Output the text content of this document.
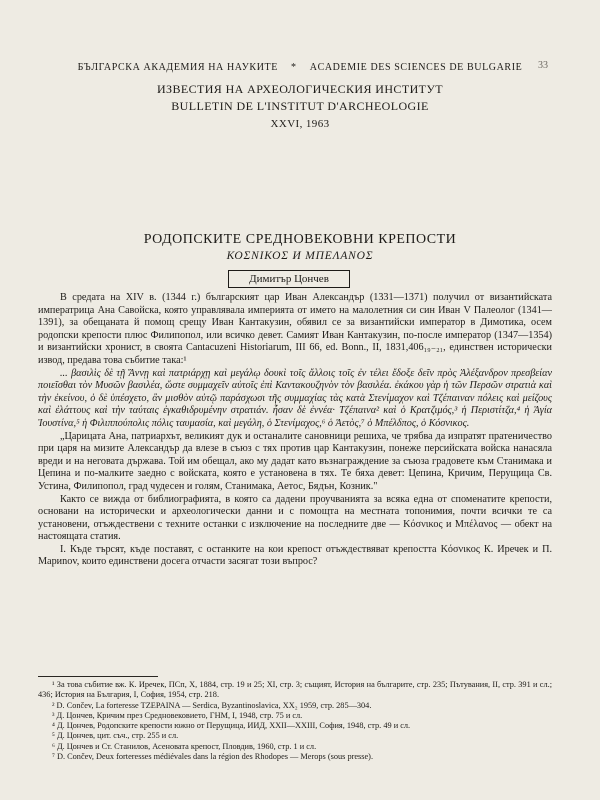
БЪЛГАРСКА АКАДЕМИЯ НА НАУКИТЕ * ACADEMIE DES SCIENCES DE BULGARIE	33
ИЗВЕСТИЯ НА АРХЕОЛОГИЧЕСКИЯ ИНСТИТУТ
BULLETIN DE L'INSTITUT D'ARCHEOLOGIE
XXVI, 1963
РОДОПСКИТЕ СРЕДНОВЕКОВНИ КРЕПОСТИ
ΚΟΣΝΙΚΟΣ И ΜΠΕΛΑΝΟΣ
Димитър Цончев

В средата на XIV в. (1344 г.) българският цар Иван Александър (1331—1371) получил от византийската императрица Ана Савойска, която управлявала империята от името на малолетния си син Иван V Палеолог (1341—1391), за обещаната й помощ срещу Иван Кантакузин, обявил се за византийски император в Димотика, осем родопски крепости плюс Филипопол, или всичко девет. Самият Иван Кантакузин, по-после император (1347—1354) и византийски хронист, в своята Cantacuzeni Historiarum, III 66, ed. Bonn., II, 1831,406₁₉₋₂₁, единствен исторически извод, предава това събитие така:¹

... βασιλὶς δὲ τῇ Ἄννῃ καὶ πατριάρχῃ καὶ μεγάλῳ δουκὶ τοῖς ἄλλοις τοῖς ἐν τέλει ἔδοξε δεῖν πρὸς Ἀλέξανδρον πρεσβείαν ποιεῖσθαι τὸν Μυσῶν βασιλέα, ὥστε συμμαχεῖν αὐτοῖς ἐπὶ Καντακουζηνὸν τὸν βασιλέα. ἐκάκου γὰρ ἡ τῶν Περσῶν στρατιὰ καὶ τὴν ἐκείνου, ὁ δὲ ὑπέσχετο, ἂν μισθὸν αὐτῷ παράσχωσι τῆς συμμαχίας τὰς κατὰ Στενίμαχον καὶ Τζέπαιναν πόλεις καὶ μείζους καὶ ἐλάττους καὶ τὴν ταύταις ἐγκαθιδρυμένην στρατιάν. ἦσαν δὲ ἐννέα· Τζέπαινα² καὶ ὁ Κρατζιμός,³ ἡ Περιστίτζα,⁴ ἡ Ἁγία Ἰουστίνα,⁵ ἡ Φιλιππούπολις πόλις ταυμασία, καὶ μεγάλη, ὁ Στενίμαχος,⁶ ὁ Ἀετὸς,⁷ ὁ Μπέλδπος, ὁ Κόσνικος.

„Царицата Ана, патриархът, великият дук и останалите сановници решиха, че трябва да изпратят пратеничество при царя на мизите Александър да влезе в съюз с тях против цар Кантакузин, понеже персийската войска нанасяла вреди и на неговата държава. Той им обещал, ако му дадат като възнаграждение за съюза градовете към Станимака и Цепина и по-малките заедно с войската, която е установена в тях. Те бяха девет: Цепина, Кричим, Перущица Св. Устина, Филипопол, град чудесен и голям, Станимака, Аетос, Бядън, Козник."

Както се вижда от библиографията, в която са дадени проучванията за всяка една от споменатите крепости, основани на исторически и археологически данни и с помощта на местната топонимия, почти всички те са установени, отъждествени с техните останки с изключение на последните две — Κόσνικος и Μπέλανος — обект на настоящата статия.

I. Къде търсят, къде поставят, с останките на кои крепост отъждествяват крепостта Κόσνικος К. Иречек и П. Мариnov, които единствени досега отчасти засягат този въпрос?

¹ За това събитие вж. К. Иречек, ПСп, Х, 1884, стр. 19 и 25; XI, стр. 3; същият, История на българите, стр. 235; Пътувания, II, стр. 391 и сл.; 436; История на България, I, София, 1954, стр. 218.
² D. Cončev, La forteresse TZEPAINA — Serdica, Byzantinoslavica, XX₂ 1959, стр. 285—304.
³ Д. Цончев, Кричим през Средновековието, ГНМ, I, 1948, стр. 75 и сл.
⁴ Д. Цончев, Родопските крепости южно от Перущица, ИИД, XXII—XXIII, София, 1948, стр. 49 и сл.
⁵ Д. Цончев, цит. съч., стр. 255 и сл.
⁶ Д. Цончев и Ст. Станилов, Асеновата крепост, Пловдив, 1960, стр. 1 и сл.
⁷ D. Cončev, Deux forteresses médiévales dans la région des Rhodopes — Merops (sous presse).
